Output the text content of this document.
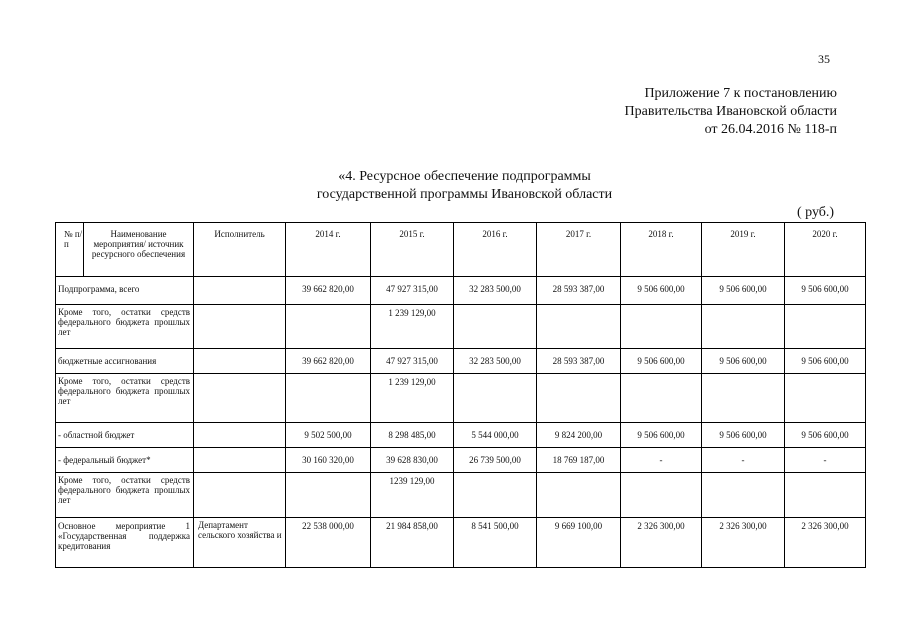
35
Приложение 7 к постановлению
Правительства Ивановской области
от 26.04.2016 № 118-п
«4. Ресурсное обеспечение подпрограммы
государственной программы Ивановской области
( руб.)
№ п/п	Наименование мероприятия/ источник ресурсного обеспечения	Исполнитель	2014 г.	2015 г.	2016 г.	2017 г.	2018 г.	2019 г.	2020 г.
Подпрограмма, всего			39 662 820,00	47 927 315,00	32 283 500,00	28 593 387,00	9 506 600,00	9 506 600,00	9 506 600,00
Кроме того, остатки средств федерального бюджета прошлых лет				1 239 129,00					
бюджетные ассигнования			39 662 820,00	47 927 315,00	32 283 500,00	28 593 387,00	9 506 600,00	9 506 600,00	9 506 600,00
Кроме того, остатки средств федерального бюджета прошлых лет				1 239 129,00					
- областной бюджет			9 502 500,00	8 298 485,00	5 544 000,00	9 824 200,00	9 506 600,00	9 506 600,00	9 506 600,00
- федеральный бюджет*			30 160 320,00	39 628 830,00	26 739 500,00	18 769 187,00	-	-	-
Кроме того, остатки средств федерального бюджета прошлых лет				1239 129,00					
Основное мероприятие 1 «Государственная поддержка кредитования		Департамент сельского хозяйства и	22 538 000,00	21 984 858,00	8 541 500,00	9 669 100,00	2 326 300,00	2 326 300,00	2 326 300,00
